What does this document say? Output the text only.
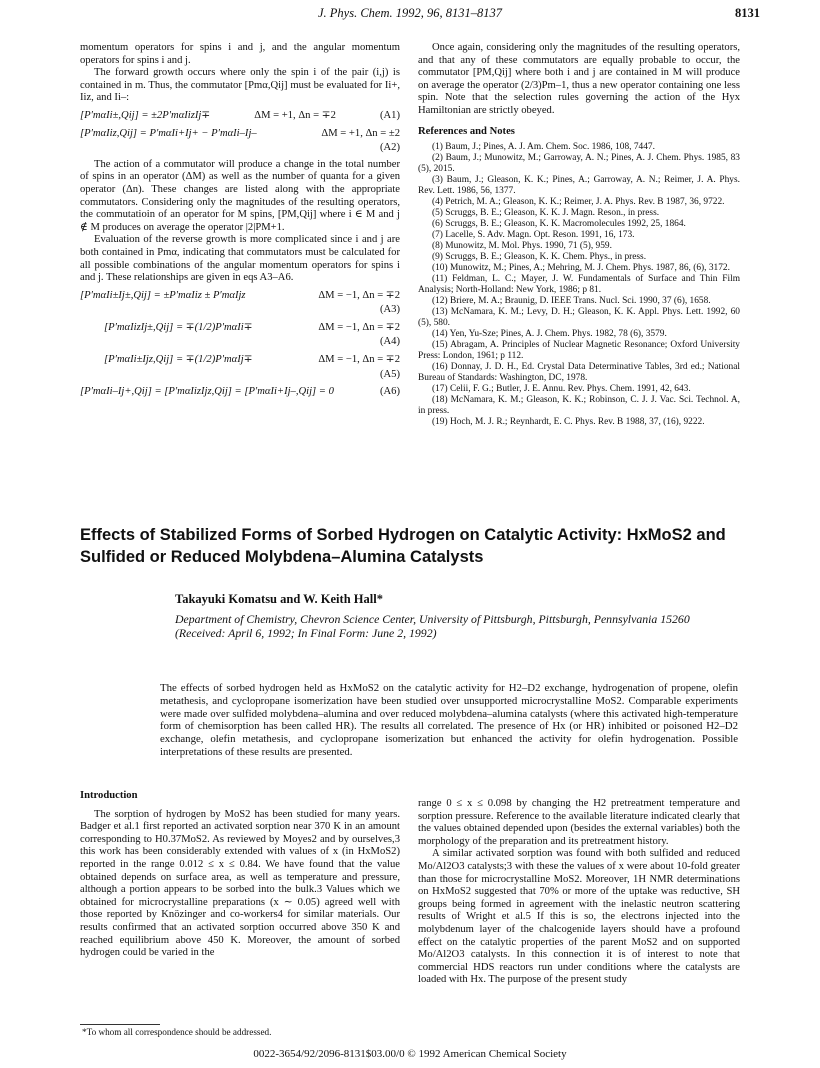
J. Phys. Chem. 1992, 96, 8131–8137	8131

momentum operators for spins i and j, and the angular momentum operators for spins i and j.

The forward growth occurs where only the spin i of the pair (i,j) is contained in m. Thus, the commutator [Pmα,Qij] must be evaluated for Ii+, Iiz, and Ii–:

[P′mαIi±,Qij] = ±2P′mαIizIj∓	ΔM = +1, Δn = ∓2	(A1)
[P′mαIiz,Qij] = P′mαIi+Ij+ − P′mαIi–Ij–	ΔM = +1, Δn = ±2
(A2)

The action of a commutator will produce a change in the total number of spins in an operator (ΔM) as well as the number of quanta for a given operator (Δn). These changes are listed along with the appropriate commutators. Considering only the magnitudes of the resulting operators, the commutatioin of an operator for M spins, [PM,Qij] where i ∈ M and j ∉ M produces on average the operator |2|PM+1.

Evaluation of the reverse growth is more complicated since i and j are both contained in Pmα, indicating that commutators must be calculated for all possible combinations of the angular momentum operators for spins i and j. These relationships are given in eqs A3–A6.

[P′mαIi±Ij±,Qij] = ±P′mαIiz ± P′mαIjz	ΔM = −1, Δn = ∓2
(A3)
[P′mαIizIj±,Qij] = ∓(1/2)P′mαIi∓	ΔM = −1, Δn = ∓2
(A4)
[P′mαIi±Ijz,Qij] = ∓(1/2)P′mαIj∓	ΔM = −1, Δn = ∓2
(A5)
[P′mαIi–Ij+,Qij] = [P′mαIizIjz,Qij] = [P′mαIi+Ij–,Qij] = 0	(A6)

Once again, considering only the magnitudes of the resulting operators, and that any of these commutators are equally probable to occur, the commutator [PM,Qij] where both i and j are contained in M will produce on average the operator (2/3)Pm–1, thus a new operator containing one less spin. Note that the selection rules governing the action of the Hyx Hamiltonian are strictly obeyed.

References and Notes

(1) Baum, J.; Pines, A. J. Am. Chem. Soc. 1986, 108, 7447.

(2) Baum, J.; Munowitz, M.; Garroway, A. N.; Pines, A. J. Chem. Phys. 1985, 83 (5), 2015.

(3) Baum, J.; Gleason, K. K.; Pines, A.; Garroway, A. N.; Reimer, J. A. Phys. Rev. Lett. 1986, 56, 1377.

(4) Petrich, M. A.; Gleason, K. K.; Reimer, J. A. Phys. Rev. B 1987, 36, 9722.

(5) Scruggs, B. E.; Gleason, K. K. J. Magn. Reson., in press.

(6) Scruggs, B. E.; Gleason, K. K. Macromolecules 1992, 25, 1864.

(7) Lacelle, S. Adv. Magn. Opt. Reson. 1991, 16, 173.

(8) Munowitz, M. Mol. Phys. 1990, 71 (5), 959.

(9) Scruggs, B. E.; Gleason, K. K. Chem. Phys., in press.

(10) Munowitz, M.; Pines, A.; Mehring, M. J. Chem. Phys. 1987, 86, (6), 3172.

(11) Feldman, L. C.; Mayer, J. W. Fundamentals of Surface and Thin Film Analysis; North-Holland: New York, 1986; p 81.

(12) Briere, M. A.; Braunig, D. IEEE Trans. Nucl. Sci. 1990, 37 (6), 1658.

(13) McNamara, K. M.; Levy, D. H.; Gleason, K. K. Appl. Phys. Lett. 1992, 60 (5), 580.

(14) Yen, Yu-Sze; Pines, A. J. Chem. Phys. 1982, 78 (6), 3579.

(15) Abragam, A. Principles of Nuclear Magnetic Resonance; Oxford University Press: London, 1961; p 112.

(16) Donnay, J. D. H., Ed. Crystal Data Determinative Tables, 3rd ed.; National Bureau of Standards: Washington, DC, 1978.

(17) Celii, F. G.; Butler, J. E. Annu. Rev. Phys. Chem. 1991, 42, 643.

(18) McNamara, K. M.; Gleason, K. K.; Robinson, C. J. J. Vac. Sci. Technol. A, in press.

(19) Hoch, M. J. R.; Reynhardt, E. C. Phys. Rev. B 1988, 37, (16), 9222.

Effects of Stabilized Forms of Sorbed Hydrogen on Catalytic Activity: HxMoS2 and Sulfided or Reduced Molybdena–Alumina Catalysts
Takayuki Komatsu and W. Keith Hall*
Department of Chemistry, Chevron Science Center, University of Pittsburgh, Pittsburgh, Pennsylvania 15260
(Received: April 6, 1992; In Final Form: June 2, 1992)
The effects of sorbed hydrogen held as HxMoS2 on the catalytic activity for H2–D2 exchange, hydrogenation of propene, olefin metathesis, and cyclopropane isomerization have been studied over unsupported microcrystalline MoS2. Comparable experiments were made over sulfided molybdena–alumina and over reduced molybdena–alumina catalysts (where this activated high-temperature form of chemisorption has been called HR). The results all correlated. The presence of Hx (or HR) inhibited or poisoned H2–D2 exchange, olefin metathesis, and cyclopropane isomerization but enhanced the activity for olefin hydrogenation. Possible interpretations of these results are presented.
Introduction

The sorption of hydrogen by MoS2 has been studied for many years. Badger et al.1 first reported an activated sorption near 370 K in an amount corresponding to H0.37MoS2. As reviewed by Moyes2 and by ourselves,3 this work has been considerably extended with values of x (in HxMoS2) reported in the range 0.012 ≤ x ≤ 0.84. We have found that the value obtained depends on surface area, as well as temperature and pressure, although a portion appears to be sorbed into the bulk.3 Values which we obtained for microcrystalline preparations (x ∼ 0.05) agreed well with those reported by Knözinger and co-workers4 for similar materials. Our results confirmed that an activated sorption occurred above 350 K and reached equilibrium above 450 K. Moreover, the amount of sorbed hydrogen could be varied in the

range 0 ≤ x ≤ 0.098 by changing the H2 pretreatment temperature and sorption pressure. Reference to the available literature indicated clearly that the values obtained depended upon (besides the external variables) both the morphology of the preparation and its pretreatment history.

A similar activated sorption was found with both sulfided and reduced Mo/Al2O3 catalysts;3 with these the values of x were about 10-fold greater than those for microcrystalline MoS2. Moreover, 1H NMR determinations on HxMoS2 suggested that 70% or more of the uptake was reductive, SH groups being formed in agreement with the inelastic neutron scattering results of Wright et al.5 If this is so, the electrons injected into the molybdenum layer of the chalcogenide layers should have a profound effect on the catalytic properties of the parent MoS2 and on supported Mo/Al2O3 catalysts. In this connection it is of interest to note that commercial HDS reactors run under conditions where the catalysts are loaded with Hx. The purpose of the present study

*To whom all correspondence should be addressed.
0022-3654/92/2096-8131$03.00/0 © 1992 American Chemical Society
